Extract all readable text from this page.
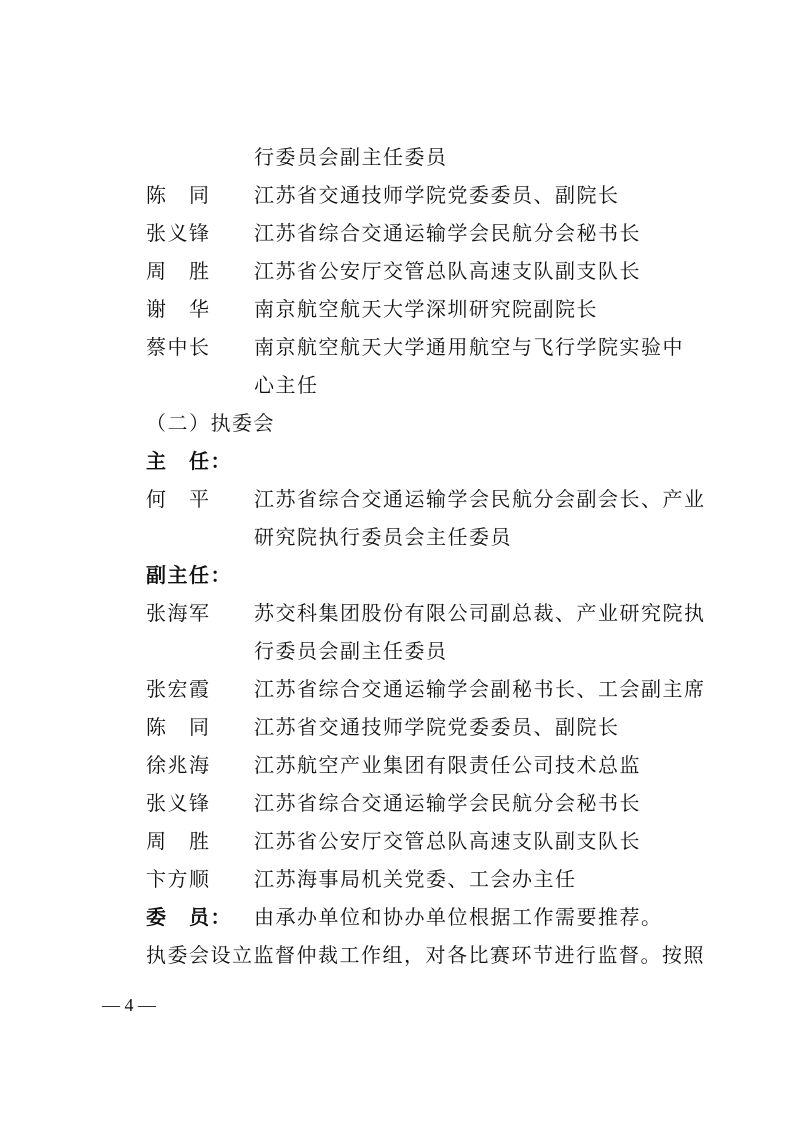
行委员会副主任委员
陈　同 江苏省交通技师学院党委委员、副院长
张义锋 江苏省综合交通运输学会民航分会秘书长
周　胜 江苏省公安厅交管总队高速支队副支队长
谢　华 南京航空航天大学深圳研究院副院长
蔡中长 南京航空航天大学通用航空与飞行学院实验中
心主任
（二）执委会
主　任：
何　平 江苏省综合交通运输学会民航分会副会长、产业
研究院执行委员会主任委员
副主任：
张海军 苏交科集团股份有限公司副总裁、产业研究院执
行委员会副主任委员
张宏霞 江苏省综合交通运输学会副秘书长、工会副主席
陈　同 江苏省交通技师学院党委委员、副院长
徐兆海 江苏航空产业集团有限责任公司技术总监
张义锋 江苏省综合交通运输学会民航分会秘书长
周　胜 江苏省公安厅交管总队高速支队副支队长
卞方顺 江苏海事局机关党委、工会办主任
委　员： 由承办单位和协办单位根据工作需要推荐。
执委会设立监督仲裁工作组，对各比赛环节进行监督。按照
— 4 —
